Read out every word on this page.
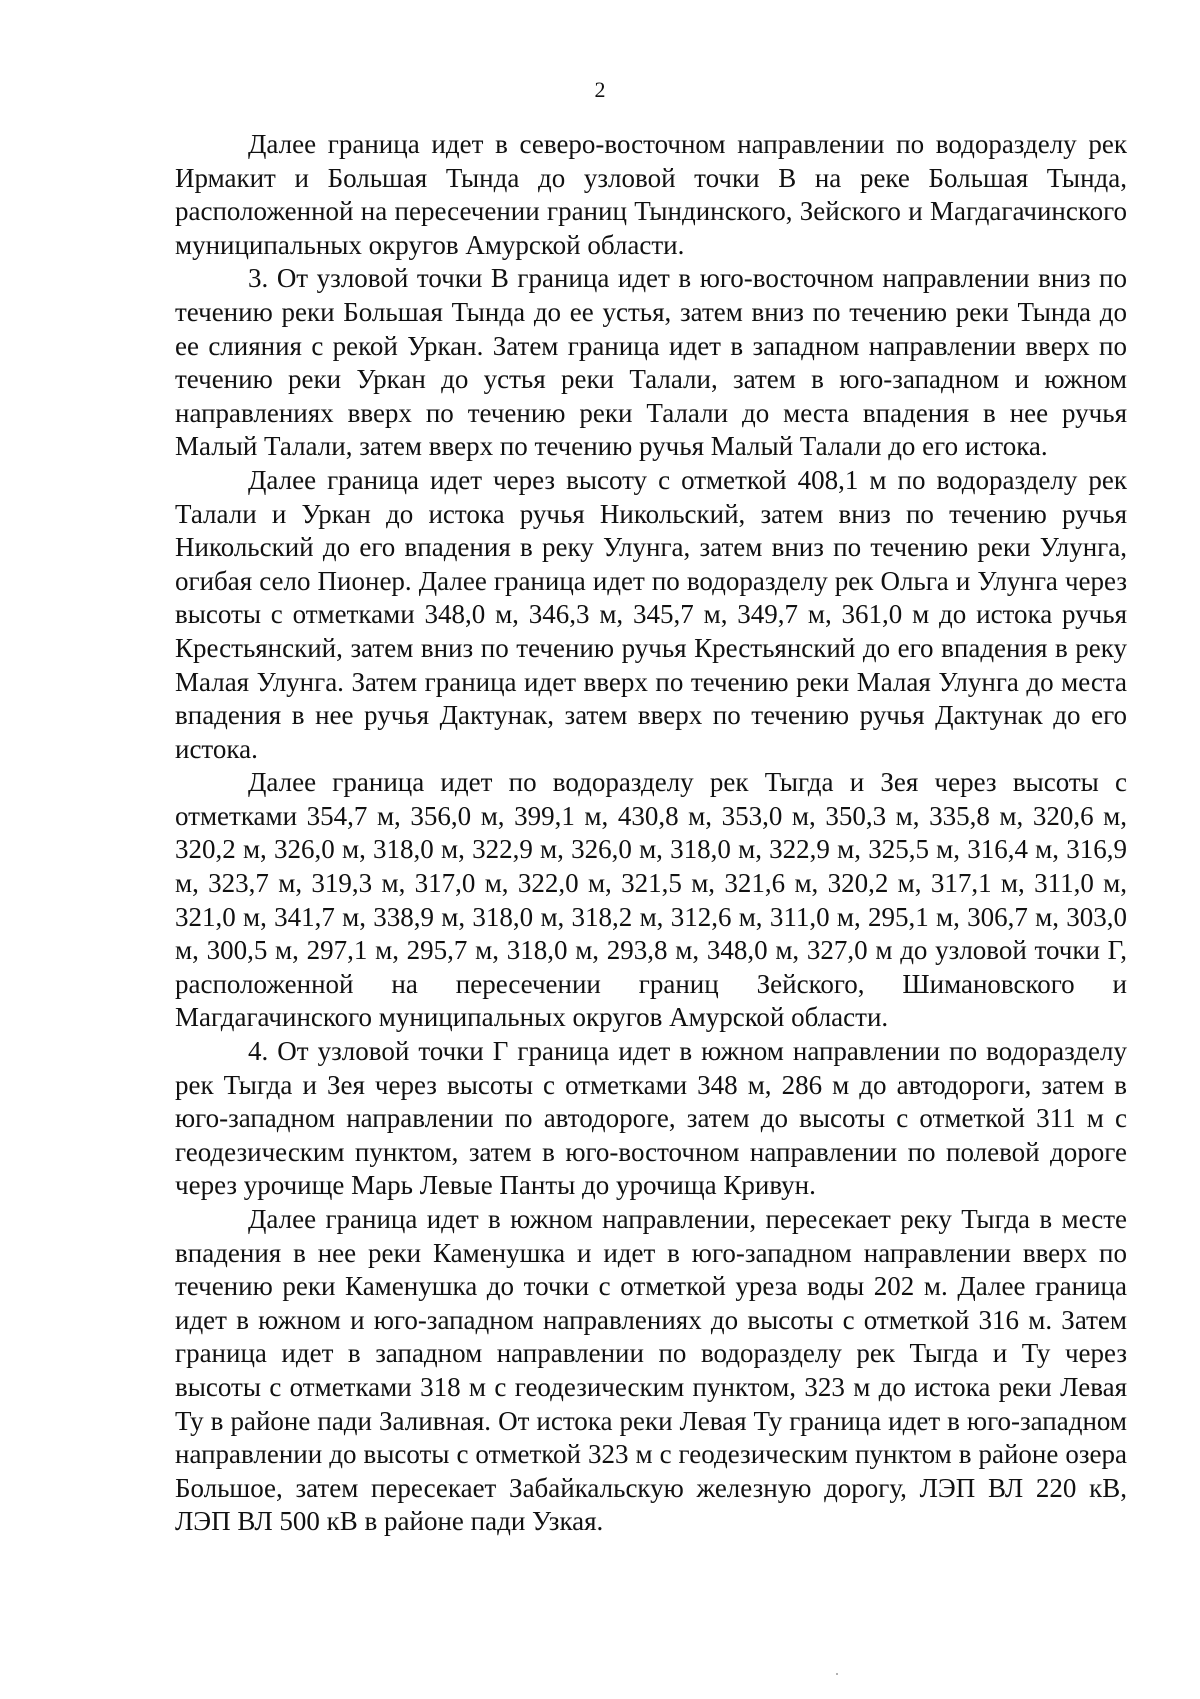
2

Далее граница идет в северо-восточном направлении по водоразделу рек Ирмакит и Большая Тында до узловой точки В на реке Большая Тында, расположенной на пересечении границ Тындинского, Зейского и Магдагачинского муниципальных округов Амурской области.

3. От узловой точки В граница идет в юго-восточном направлении вниз по течению реки Большая Тында до ее устья, затем вниз по течению реки Тында до ее слияния с рекой Уркан. Затем граница идет в западном направлении вверх по течению реки Уркан до устья реки Талали, затем в юго-западном и южном направлениях вверх по течению реки Талали до места впадения в нее ручья Малый Талали, затем вверх по течению ручья Малый Талали до его истока.

Далее граница идет через высоту с отметкой 408,1 м по водоразделу рек Талали и Уркан до истока ручья Никольский, затем вниз по течению ручья Никольский до его впадения в реку Улунга, затем вниз по течению реки Улунга, огибая село Пионер. Далее граница идет по водоразделу рек Ольга и Улунга через высоты с отметками 348,0 м, 346,3 м, 345,7 м, 349,7 м, 361,0 м до истока ручья Крестьянский, затем вниз по течению ручья Крестьянский до его впадения в реку Малая Улунга. Затем граница идет вверх по течению реки Малая Улунга до места впадения в нее ручья Дактунак, затем вверх по течению ручья Дактунак до его истока.

Далее граница идет по водоразделу рек Тыгда и Зея через высоты с отметками 354,7 м, 356,0 м, 399,1 м, 430,8 м, 353,0 м, 350,3 м, 335,8 м, 320,6 м, 320,2 м, 326,0 м, 318,0 м, 322,9 м, 326,0 м, 318,0 м, 322,9 м, 325,5 м, 316,4 м, 316,9 м, 323,7 м, 319,3 м, 317,0 м, 322,0 м, 321,5 м, 321,6 м, 320,2 м, 317,1 м, 311,0 м, 321,0 м, 341,7 м, 338,9 м, 318,0 м, 318,2 м, 312,6 м, 311,0 м, 295,1 м, 306,7 м, 303,0 м, 300,5 м, 297,1 м, 295,7 м, 318,0 м, 293,8 м, 348,0 м, 327,0 м до узловой точки Г, расположенной на пересечении границ Зейского, Шимановского и Магдагачинского муниципальных округов Амурской области.

4. От узловой точки Г граница идет в южном направлении по водоразделу рек Тыгда и Зея через высоты с отметками 348 м, 286 м до автодороги, затем в юго-западном направлении по автодороге, затем до высоты с отметкой 311 м с геодезическим пунктом, затем в юго-восточном направлении по полевой дороге через урочище Марь Левые Панты до урочища Кривун.

Далее граница идет в южном направлении, пересекает реку Тыгда в месте впадения в нее реки Каменушка и идет в юго-западном направлении вверх по течению реки Каменушка до точки с отметкой уреза воды 202 м. Далее граница идет в южном и юго-западном направлениях до высоты с отметкой 316 м. Затем граница идет в западном направлении по водоразделу рек Тыгда и Ту через высоты с отметками 318 м с геодезическим пунктом, 323 м до истока реки Левая Ту в районе пади Заливная. От истока реки Левая Ту граница идет в юго-западном направлении до высоты с отметкой 323 м с геодезическим пунктом в районе озера Большое, затем пересекает Забайкальскую железную дорогу, ЛЭП ВЛ 220 кВ, ЛЭП ВЛ 500 кВ в районе пади Узкая.
